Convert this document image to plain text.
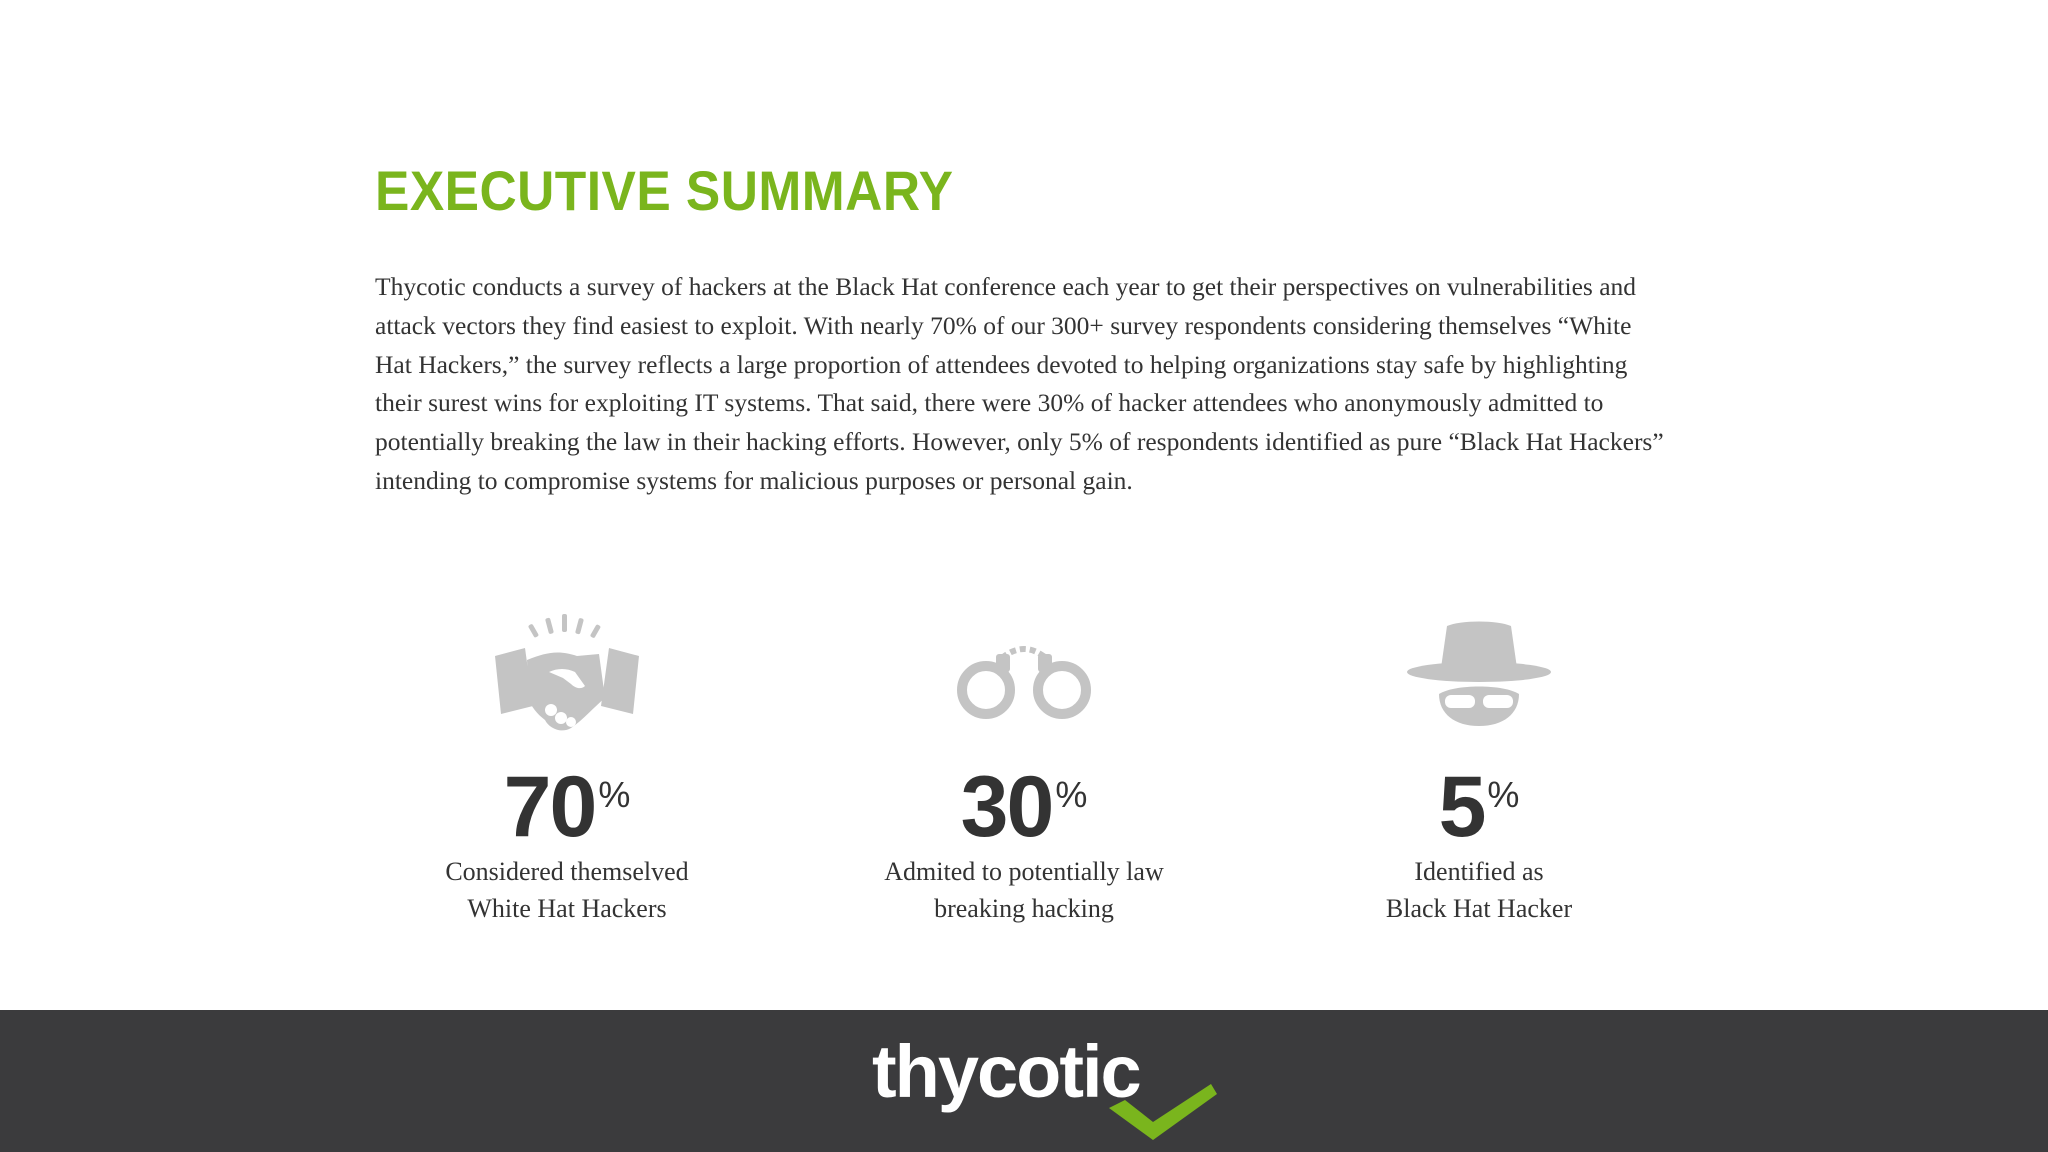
EXECUTIVE SUMMARY

Thycotic conducts a survey of hackers at the Black Hat conference each year to get their perspectives on vulnerabilities and attack vectors they find easiest to exploit. With nearly 70% of our 300+ survey respondents considering themselves “White Hat Hackers,” the survey reflects a large proportion of attendees devoted to helping organizations stay safe by highlighting their surest wins for exploiting IT systems. That said, there were 30% of hacker attendees who anonymously admitted to potentially breaking the law in their hacking efforts. However, only 5% of respondents identified as pure “Black Hat Hackers” intending to compromise systems for malicious purposes or personal gain.

70%
Considered themselved
White Hat Hackers
30%
Admited to potentially law
breaking hacking
5%
Identified as
Black Hat Hacker
thycotic
